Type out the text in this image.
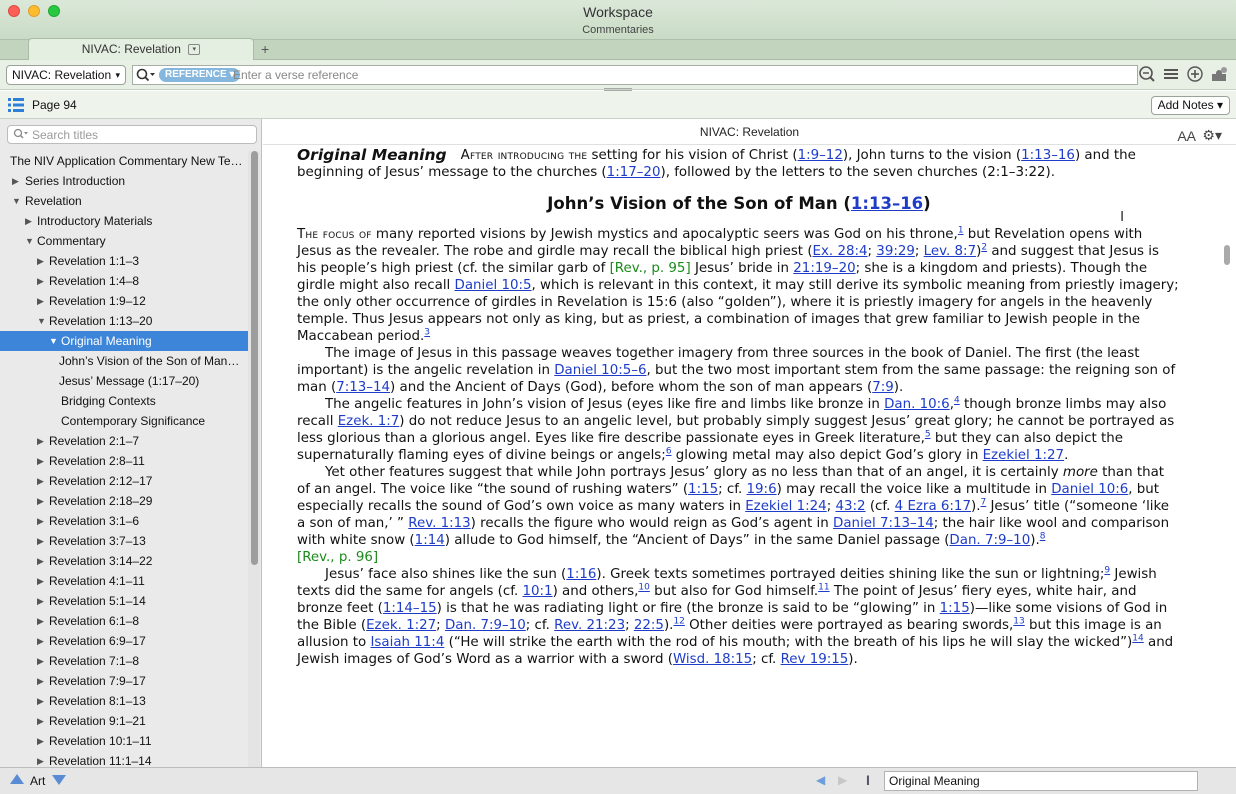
Workspace
Commentaries
NIVAC: Revelation ▾	+
NIVAC: Revelation ▾	REFERENCE ▾
Enter a verse reference
Page 94	Add Notes ▾
Search titles
The NIV Application Commentary New Te…
▶ Series Introduction
▼ Revelation
▶ Introductory Materials
▼ Commentary
▶ Revelation 1:1–3
▶ Revelation 1:4–8
▶ Revelation 1:9–12
▼ Revelation 1:13–20
▼ Original Meaning
John’s Vision of the Son of Man…
Jesus’ Message (1:17–20)
Bridging Contexts
Contemporary Significance
▶ Revelation 2:1–7
▶ Revelation 2:8–11
▶ Revelation 2:12–17
▶ Revelation 2:18–29
▶ Revelation 3:1–6
▶ Revelation 3:7–13
▶ Revelation 3:14–22
▶ Revelation 4:1–11
▶ Revelation 5:1–14
▶ Revelation 6:1–8
▶ Revelation 6:9–17
▶ Revelation 7:1–8
▶ Revelation 7:9–17
▶ Revelation 8:1–13
▶ Revelation 9:1–21
▶ Revelation 10:1–11
▶ Revelation 11:1–14
NIVAC: Revelation	AA ⚙▾
Original Meaning	After introducing the setting for his vision of Christ (1:9–12), John turns to the vision (1:13–16) and the beginning of Jesus’ message to the churches (1:17–20), followed by the letters to the seven churches (2:1–3:22).

John’s Vision of the Son of Man (1:13–16)

The focus of many reported visions by Jewish mystics and apocalyptic seers was God on his throne,$^1$ but Revelation opens with Jesus as the revealer. The robe and girdle may recall the biblical high priest (Ex. 28:4; 39:29; Lev. 8:7)$^2$ and suggest that Jesus is his people’s high priest (cf. the similar garb of [Rev., p. 95] Jesus’ bride in 21:19–20; she is a kingdom and priests). Though the girdle might also recall Daniel 10:5, which is relevant in this context, it may still derive its symbolic meaning from priestly imagery; the only other occurrence of girdles in Revelation is 15:6 (also “golden”), where it is priestly imagery for angels in the heavenly temple. Thus Jesus appears not only as king, but as priest, a combination of images that grew familiar to Jewish people in the Maccabean period.$^3$

The image of Jesus in this passage weaves together imagery from three sources in the book of Daniel. The first (the least important) is the angelic revelation in Daniel 10:5–6, but the two most important stem from the same passage: the reigning son of man (7:13–14) and the Ancient of Days (God), before whom the son of man appears (7:9).

The angelic features in John’s vision of Jesus (eyes like fire and limbs like bronze in Dan. 10:6,$^4$ though bronze limbs may also recall Ezek. 1:7) do not reduce Jesus to an angelic level, but probably simply suggest Jesus’ great glory; he cannot be portrayed as less glorious than a glorious angel. Eyes like fire describe passionate eyes in Greek literature,$^5$ but they can also depict the supernaturally flaming eyes of divine beings or angels;$^6$ glowing metal may also depict God’s glory in Ezekiel 1:27.

Yet other features suggest that while John portrays Jesus’ glory as no less than that of an angel, it is certainly more than that of an angel. The voice like “the sound of rushing waters” (1:15; cf. 19:6) may recall the voice like a multitude in Daniel 10:6, but especially recalls the sound of God’s own voice as many waters in Ezekiel 1:24; 43:2 (cf. 4 Ezra 6:17).$^7$ Jesus’ title (“someone ‘like a son of man,’ ” Rev. 1:13) recalls the figure who would reign as God’s agent in Daniel 7:13–14; the hair like wool and comparison with white snow (1:14) allude to God himself, the “Ancient of Days” in the same Daniel passage (Dan. 7:9–10).$^8$

[Rev., p. 96]

Jesus’ face also shines like the sun (1:16). Greek texts sometimes portrayed deities shining like the sun or lightning;$^9$ Jewish texts did the same for angels (cf. 10:1) and others,$^{10}$ but also for God himself.$^{11}$ The point of Jesus’ fiery eyes, white hair, and bronze feet (1:14–15) is that he was radiating light or fire (the bronze is said to be “glowing” in 1:15)—like some visions of God in the Bible (Ezek. 1:27; Dan. 7:9–10; cf. Rev. 21:23; 22:5).$^{12}$ Other deities were portrayed as bearing swords,$^{13}$ but this image is an allusion to Isaiah 11:4 (“He will strike the earth with the rod of his mouth; with the breath of his lips he will slay the wicked”)$^{14}$ and Jewish images of God’s Word as a warrior with a sword (Wisd. 18:15; cf. Rev 19:15).

I
Art	◀ ▶ I	Original Meaning
